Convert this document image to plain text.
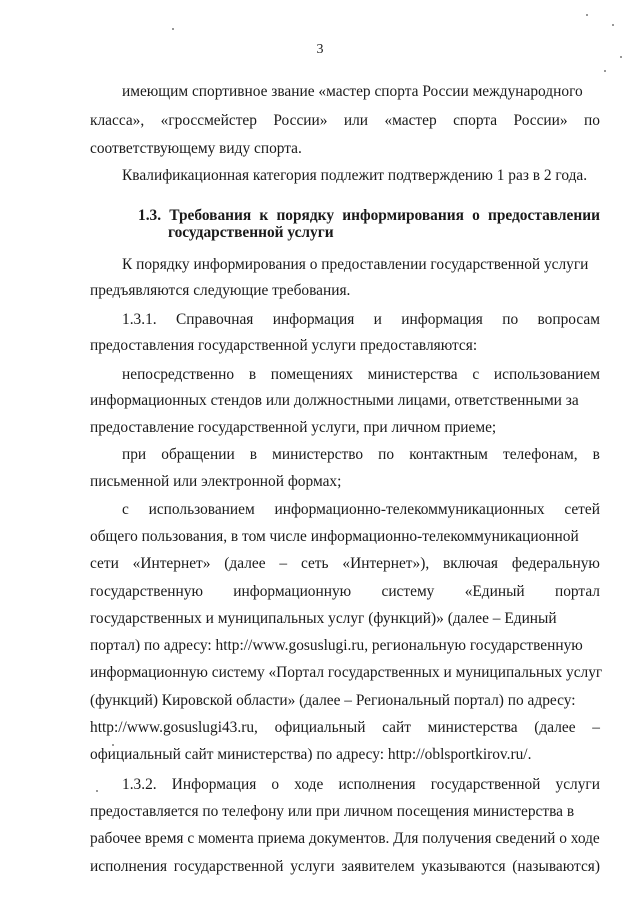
3
имеющим спортивное звание «мастер спорта России международного
класса», «гроссмейстер России» или «мастер спорта России» по
соответствующему виду спорта.
Квалификационная категория подлежит подтверждению 1 раз в 2 года.
1.3. Требования к порядку информирования о предоставлении
государственной услуги
К порядку информирования о предоставлении государственной услуги
предъявляются следующие требования.
1.3.1. Справочная информация и информация по вопросам
предоставления государственной услуги предоставляются:
непосредственно в помещениях министерства с использованием
информационных стендов или должностными лицами, ответственными за
предоставление государственной услуги, при личном приеме;
при обращении в министерство по контактным телефонам, в
письменной или электронной формах;
с использованием информационно-телекоммуникационных сетей
общего пользования, в том числе информационно-телекоммуникационной
сети «Интернет» (далее – сеть «Интернет»), включая федеральную
государственную информационную систему «Единый портал
государственных и муниципальных услуг (функций)» (далее – Единый
портал) по адресу: http://www.gosuslugi.ru, региональную государственную
информационную систему «Портал государственных и муниципальных услуг
(функций) Кировской области» (далее – Региональный портал) по адресу:
http://www.gosuslugi43.ru, официальный сайт министерства (далее –
официальный сайт министерства) по адресу: http://oblsportkirov.ru/.
1.3.2. Информация о ходе исполнения государственной услуги
предоставляется по телефону или при личном посещения министерства в
рабочее время с момента приема документов. Для получения сведений о ходе
исполнения государственной услуги заявителем указываются (называются)
